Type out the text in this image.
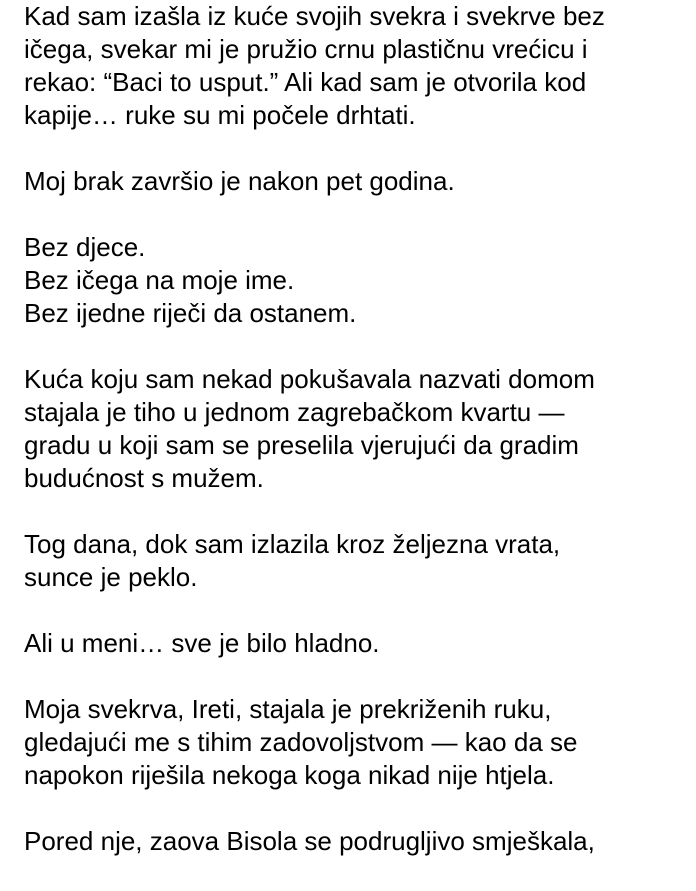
Kad sam izašla iz kuće svojih svekra i svekrve bez
ičega, svekar mi je pružio crnu plastičnu vrećicu i
rekao: “Baci to usput.” Ali kad sam je otvorila kod
kapije… ruke su mi počele drhtati.
Moj brak završio je nakon pet godina.
Bez djece.
Bez ičega na moje ime.
Bez ijedne riječi da ostanem.
Kuća koju sam nekad pokušavala nazvati domom
stajala je tiho u jednom zagrebačkom kvartu —
gradu u koji sam se preselila vjerujući da gradim
budućnost s mužem.
Tog dana, dok sam izlazila kroz željezna vrata,
sunce je peklo.
Ali u meni… sve je bilo hladno.
Moja svekrva, Ireti, stajala je prekriženih ruku,
gledajući me s tihim zadovoljstvom — kao da se
napokon riješila nekoga koga nikad nije htjela.
Pored nje, zaova Bisola se podrugljivo smješkala,
